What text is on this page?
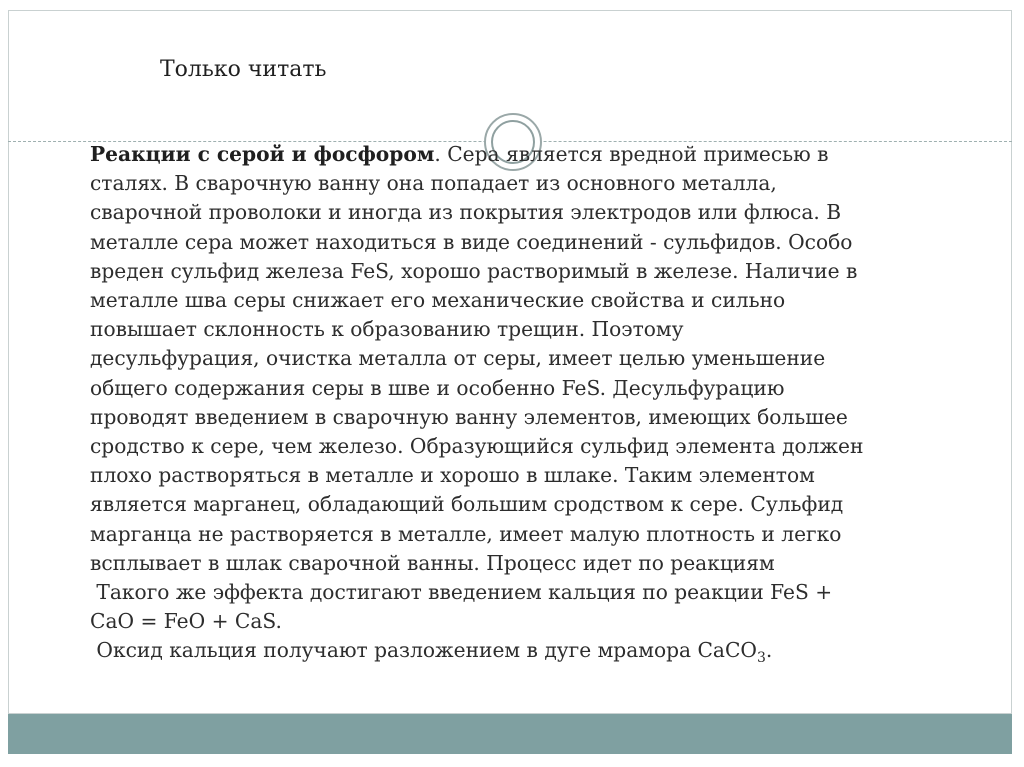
Только читать
Реакции с серой и фосфором. Сера является вредной примесью в
сталях. В сварочную ванну она попадает из основного металла,
сварочной проволоки и иногда из покрытия электродов или флюса. В
металле сера может находиться в виде соединений - сульфидов. Особо
вреден сульфид железа FeS, хорошо растворимый в железе. Наличие в
металле шва серы снижает его механические свойства и сильно
повышает склонность к образованию трещин. Поэтому
десульфурация, очистка металла от серы, имеет целью уменьшение
общего содержания серы в шве и особенно FeS. Десульфурацию
проводят введением в сварочную ванну элементов, имеющих большее
сродство к сере, чем железо. Образующийся сульфид элемента должен
плохо растворяться в металле и хорошо в шлаке. Таким элементом
является марганец, обладающий большим сродством к сере. Сульфид
марганца не растворяется в металле, имеет малую плотность и легко
всплывает в шлак сварочной ванны. Процесс идет по реакциям
Такого же эффекта достигают введением кальция по реакции FeS +
CaO = FeO + CaS.
Оксид кальция получают разложением в дуге мрамора CaCO$_3$.
